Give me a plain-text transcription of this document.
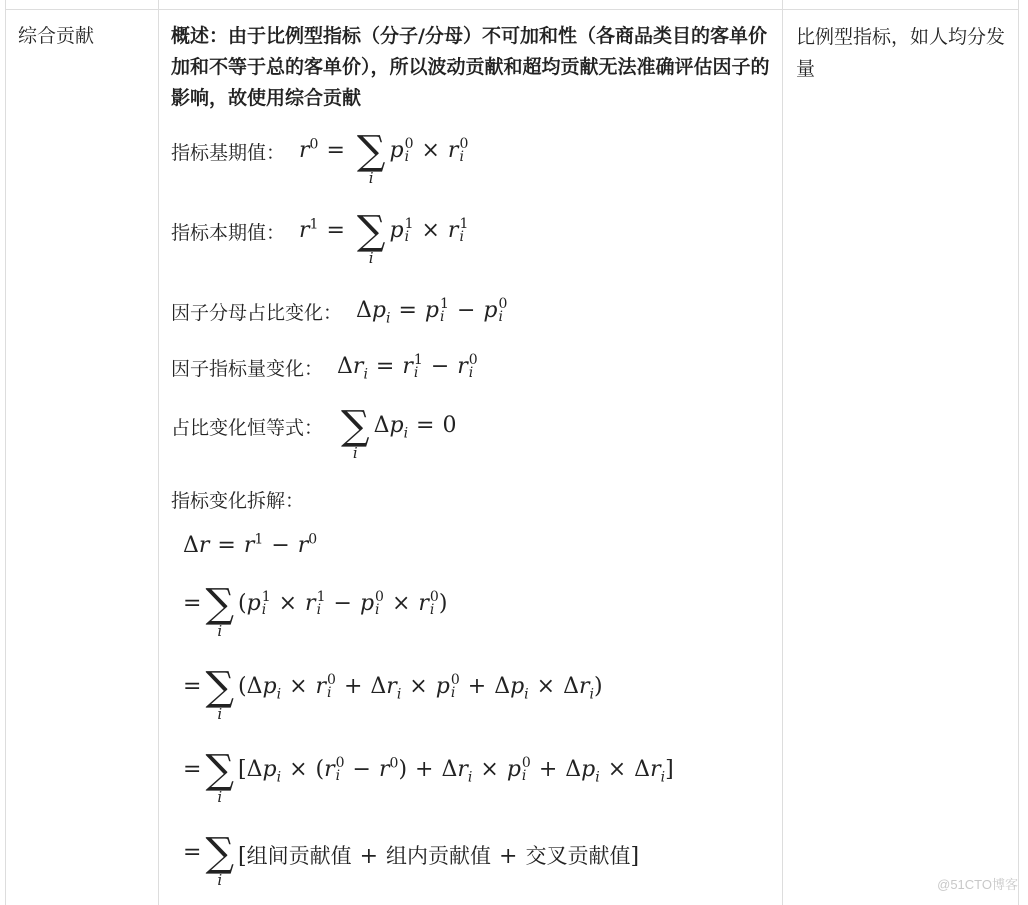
综合贡献	概述：由于比例型指标（分子/分母）不可加和性（各商品类目的客单价加和不等于总的客单价），所以波动贡献和超均贡献无法准确评估因子的影响，故使用综合贡献

指标基期值： $r^0$ = ∑
i
p 0
i × r 0
i
指标本期值： $r^1$ = ∑
i
p 1
i × r 1
i
因子分母占比变化： $\Delta p_i = p$ 1
i − p 0
i
因子指标量变化： $\Delta r_i = r$ 1
i − r 0
i
占比变化恒等式： ∑
i
$\Delta p_i = 0$
指标变化拆解：
$\Delta r = r^1 - r^0$
= ∑
i
(p 1
i × r 1
i − p 0
i × r 0
i )
= ∑
i
($\Delta p_i \times r$ 0
$i + \Delta r_i \times p$ 0
$i + \Delta p_i \times \Delta r_i$)
= ∑
i
[$\Delta p_i \times (r$ 0
$i - r^0) + \Delta r_i \times p$ 0
$i + \Delta p_i \times \Delta r_i$]
= ∑
i
[组间贡献值 + 组内贡献值 + 交叉贡献值]
比例型指标，如人均分发量
@51CTO博客
